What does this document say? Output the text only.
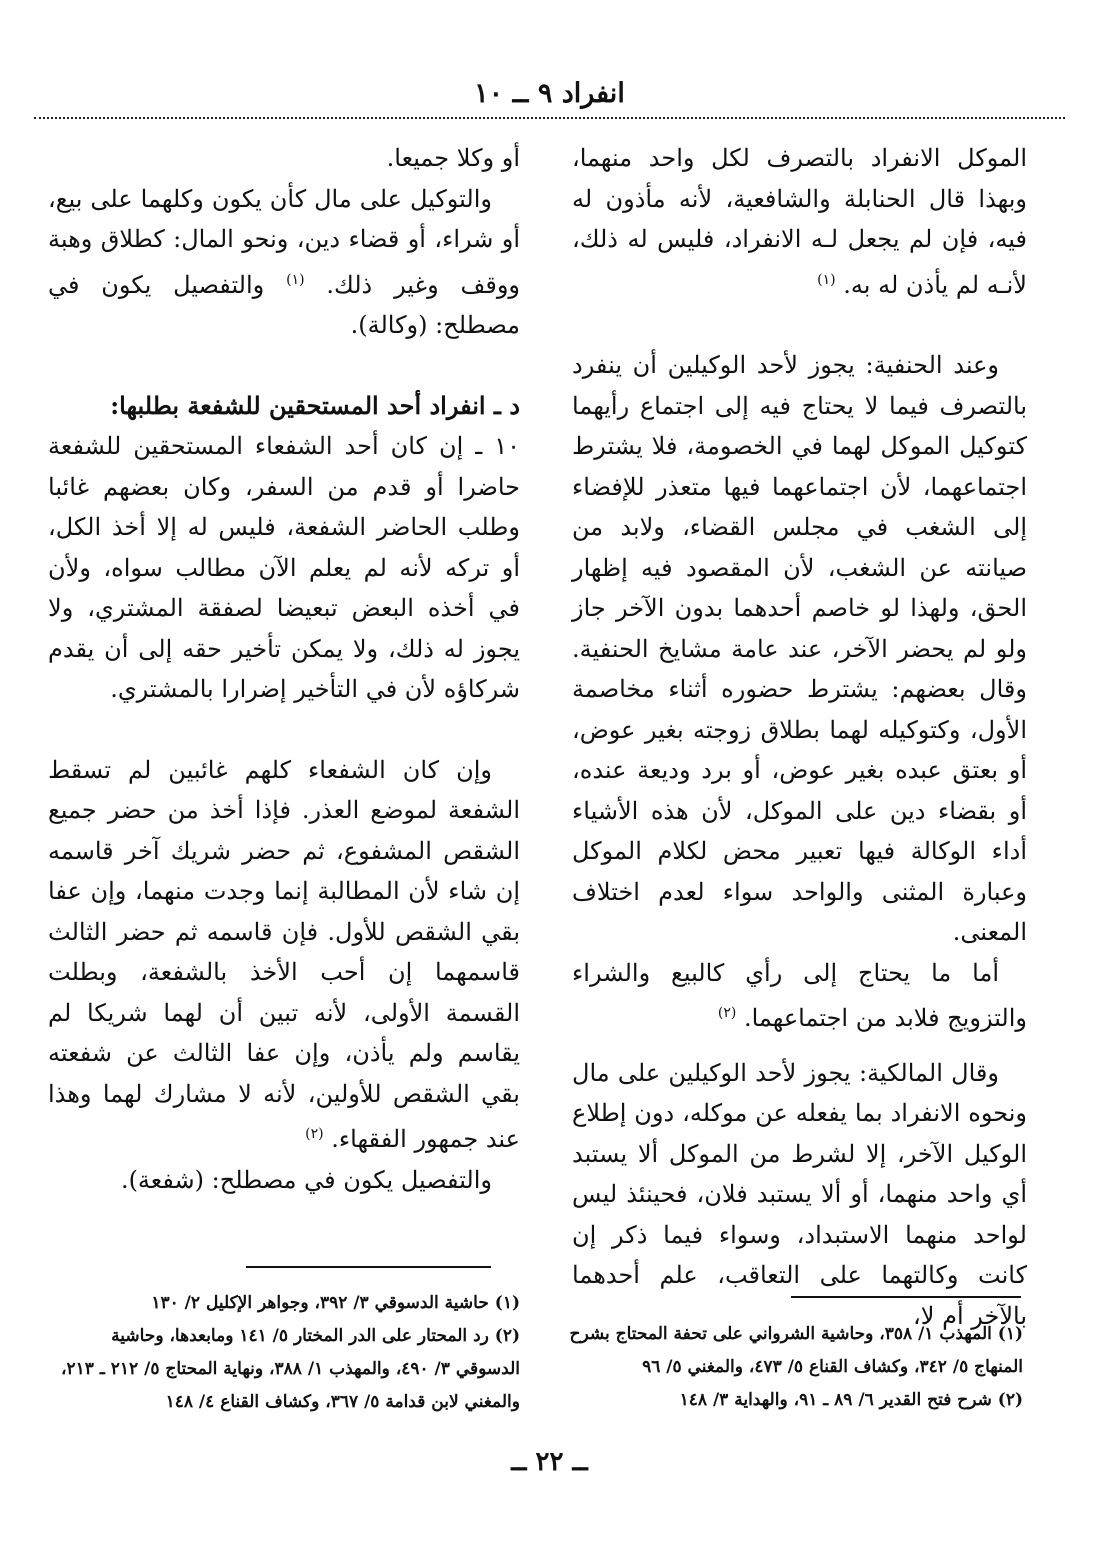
انفراد ٩ ــ ١٠

الموكل الانفراد بالتصرف لكل واحد منهما، وبهذا قال الحنابلة والشافعية، لأنه مأذون له فيه، فإن لم يجعل لـه الانفراد، فليس له ذلك، لأنـه لم يأذن له به. $^{(١)}$

وعند الحنفية: يجوز لأحد الوكيلين أن ينفرد بالتصرف فيما لا يحتاج فيه إلى اجتماع رأيهما كتوكيل الموكل لهما في الخصومة، فلا يشترط اجتماعهما، لأن اجتماعهما فيها متعذر للإفضاء إلى الشغب في مجلس القضاء، ولابد من صيانته عن الشغب، لأن المقصود فيه إظهار الحق، ولهذا لو خاصم أحدهما بدون الآخر جاز ولو لم يحضر الآخر، عند عامة مشايخ الحنفية. وقال بعضهم: يشترط حضوره أثناء مخاصمة الأول، وكتوكيله لهما بطلاق زوجته بغير عوض، أو بعتق عبده بغير عوض، أو برد وديعة عنده، أو بقضاء دين على الموكل، لأن هذه الأشياء أداء الوكالة فيها تعبير محض لكلام الموكل وعبارة المثنى والواحد سواء لعدم اختلاف المعنى.

أما ما يحتاج إلى رأي كالبيع والشراء والتزويج فلابد من اجتماعهما. $^{(٢)}$

وقال المالكية: يجوز لأحد الوكيلين على مال ونحوه الانفراد بما يفعله عن موكله، دون إطلاع الوكيل الآخر، إلا لشرط من الموكل ألا يستبد أي واحد منهما، أو ألا يستبد فلان، فحينئذ ليس لواحد منهما الاستبداد، وسواء فيما ذكر إن كانت وكالتهما على التعاقب، علم أحدهما بالآخر أم لا،

أو وكلا جميعا.

والتوكيل على مال كأن يكون وكلهما على بيع، أو شراء، أو قضاء دين، ونحو المال: كطلاق وهبة ووقف وغير ذلك. $^{(١)}$ والتفصيل يكون في مصطلح: (وكالة).

د ـ انفراد أحد المستحقين للشفعة بطلبها:

١٠ ـ إن كان أحد الشفعاء المستحقين للشفعة حاضرا أو قدم من السفر، وكان بعضهم غائبا وطلب الحاضر الشفعة، فليس له إلا أخذ الكل، أو تركه لأنه لم يعلم الآن مطالب سواه، ولأن في أخذه البعض تبعيضا لصفقة المشتري، ولا يجوز له ذلك، ولا يمكن تأخير حقه إلى أن يقدم شركاؤه لأن في التأخير إضرارا بالمشتري.

وإن كان الشفعاء كلهم غائبين لم تسقط الشفعة لموضع العذر. فإذا أخذ من حضر جميع الشقص المشفوع، ثم حضر شريك آخر قاسمه إن شاء لأن المطالبة إنما وجدت منهما، وإن عفا بقي الشقص للأول. فإن قاسمه ثم حضر الثالث قاسمهما إن أحب الأخذ بالشفعة، وبطلت القسمة الأولى، لأنه تبين أن لهما شريكا لم يقاسم ولم يأذن، وإن عفا الثالث عن شفعته بقي الشقص للأولين، لأنه لا مشارك لهما وهذا عند جمهور الفقهاء. $^{(٢)}$

والتفصيل يكون في مصطلح: (شفعة).

(١) المهذب ١/ ٣٥٨، وحاشية الشرواني على تحفة المحتاج بشرح المنهاج ٥/ ٣٤٢، وكشاف القناع ٥/ ٤٧٣، والمغني ٥/ ٩٦

(٢) شرح فتح القدير ٦/ ٨٩ ـ ٩١، والهداية ٣/ ١٤٨

(١) حاشية الدسوقي ٣/ ٣٩٢، وجواهر الإكليل ٢/ ١٣٠

(٢) رد المحتار على الدر المختار ٥/ ١٤١ ومابعدها، وحاشية الدسوقي ٣/ ٤٩٠، والمهذب ١/ ٣٨٨، ونهاية المحتاج ٥/ ٢١٢ ـ ٢١٣، والمغني لابن قدامة ٥/ ٣٦٧، وكشاف القناع ٤/ ١٤٨

ــ ٢٢ ــ
